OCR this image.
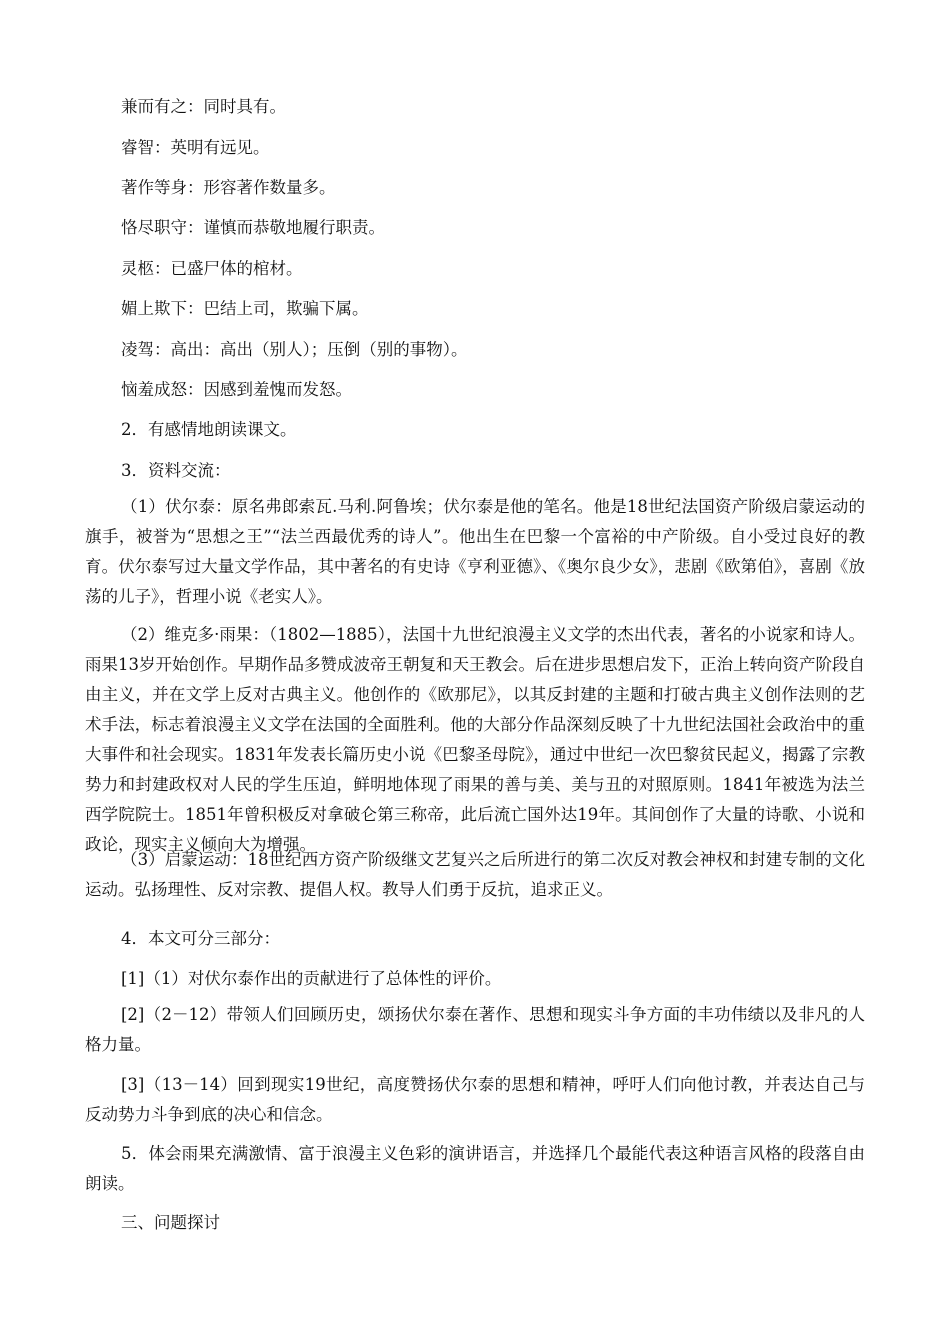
兼而有之：同时具有。
睿智：英明有远见。
著作等身：形容著作数量多。
恪尽职守：谨慎而恭敬地履行职责。
灵柩：已盛尸体的棺材。
媚上欺下：巴结上司，欺骗下属。
凌驾：高出：高出（别人）；压倒（别的事物）。
恼羞成怒：因感到羞愧而发怒。
2．有感情地朗读课文。
3．资料交流：

（1）伏尔泰：原名弗郎索瓦.马利.阿鲁埃；伏尔泰是他的笔名。他是18世纪法国资产阶级启蒙运动的旗手，被誉为“思想之王”“法兰西最优秀的诗人”。他出生在巴黎一个富裕的中产阶级。自小受过良好的教育。伏尔泰写过大量文学作品，其中著名的有史诗《亨利亚德》、《奥尔良少女》，悲剧《欧第伯》，喜剧《放荡的儿子》，哲理小说《老实人》。

（2）维克多·雨果：（1802—1885），法国十九世纪浪漫主义文学的杰出代表，著名的小说家和诗人。雨果13岁开始创作。早期作品多赞成波帝王朝复和天王教会。后在进步思想启发下，正治上转向资产阶段自由主义，并在文学上反对古典主义。他创作的《欧那尼》，以其反封建的主题和打破古典主义创作法则的艺术手法，标志着浪漫主义文学在法国的全面胜利。他的大部分作品深刻反映了十九世纪法国社会政治中的重大事件和社会现实。1831年发表长篇历史小说《巴黎圣母院》，通过中世纪一次巴黎贫民起义，揭露了宗教势力和封建政权对人民的学生压迫，鲜明地体现了雨果的善与美、美与丑的对照原则。1841年被选为法兰西学院院士。1851年曾积极反对拿破仑第三称帝，此后流亡国外达19年。其间创作了大量的诗歌、小说和政论，现实主义倾向大为增强。

（3）启蒙运动：18世纪西方资产阶级继文艺复兴之后所进行的第二次反对教会神权和封建专制的文化运动。弘扬理性、反对宗教、提倡人权。教导人们勇于反抗，追求正义。

4．本文可分三部分：
[1]（1）对伏尔泰作出的贡献进行了总体性的评价。

[2]（2－12）带领人们回顾历史，颂扬伏尔泰在著作、思想和现实斗争方面的丰功伟绩以及非凡的人格力量。

[3]（13－14）回到现实19世纪，高度赞扬伏尔泰的思想和精神，呼吁人们向他讨教，并表达自己与反动势力斗争到底的决心和信念。

5．体会雨果充满激情、富于浪漫主义色彩的演讲语言，并选择几个最能代表这种语言风格的段落自由朗读。

三、问题探讨
